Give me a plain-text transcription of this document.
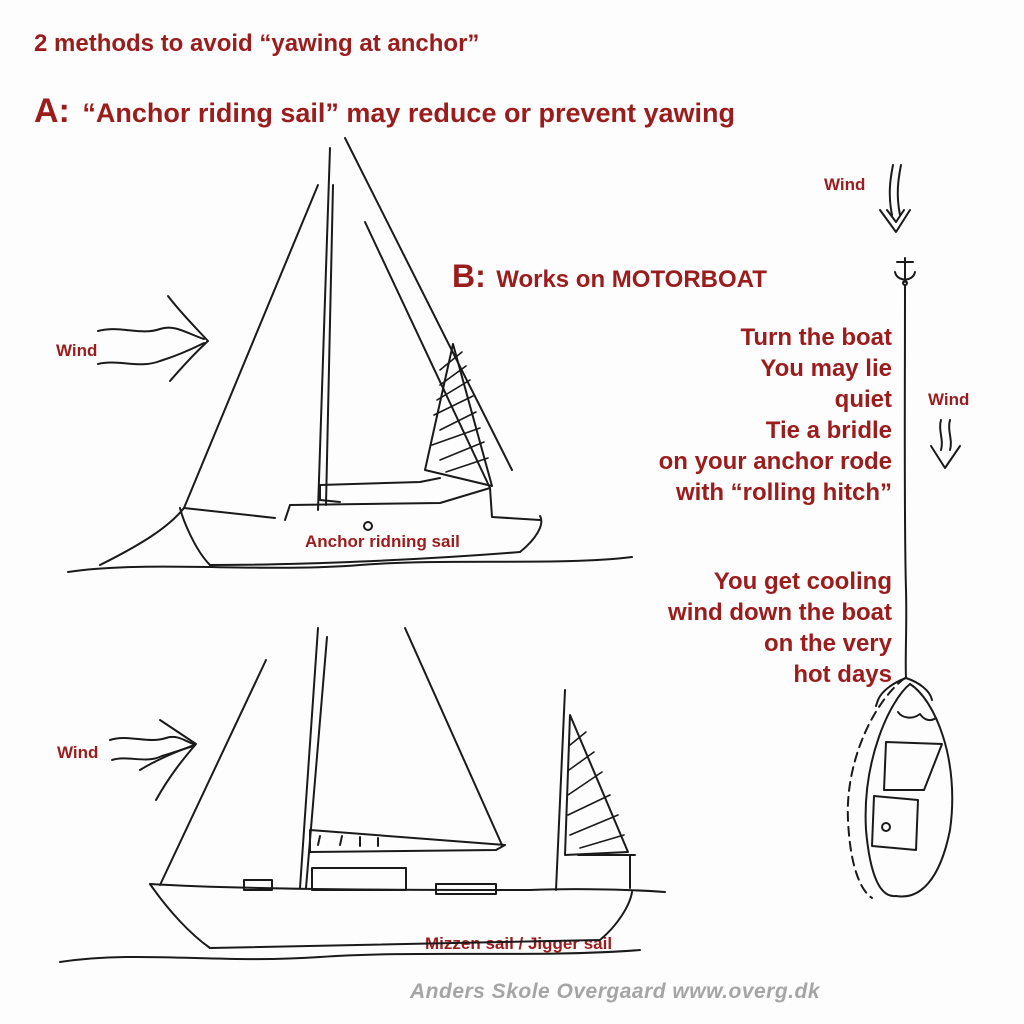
2 methods to avoid “yawing at anchor”
A: “Anchor riding sail” may reduce or prevent yawing
B: Works on MOTORBOAT
Wind
Anchor ridning sail
Wind
Mizzen sail / Jigger sail
Wind
Wind
Turn the boat
You may lie
quiet
Tie a bridle
on your anchor rode
with “rolling hitch”
You get cooling
wind down the boat
on the very
hot days
Anders Skole Overgaard www.overg.dk
